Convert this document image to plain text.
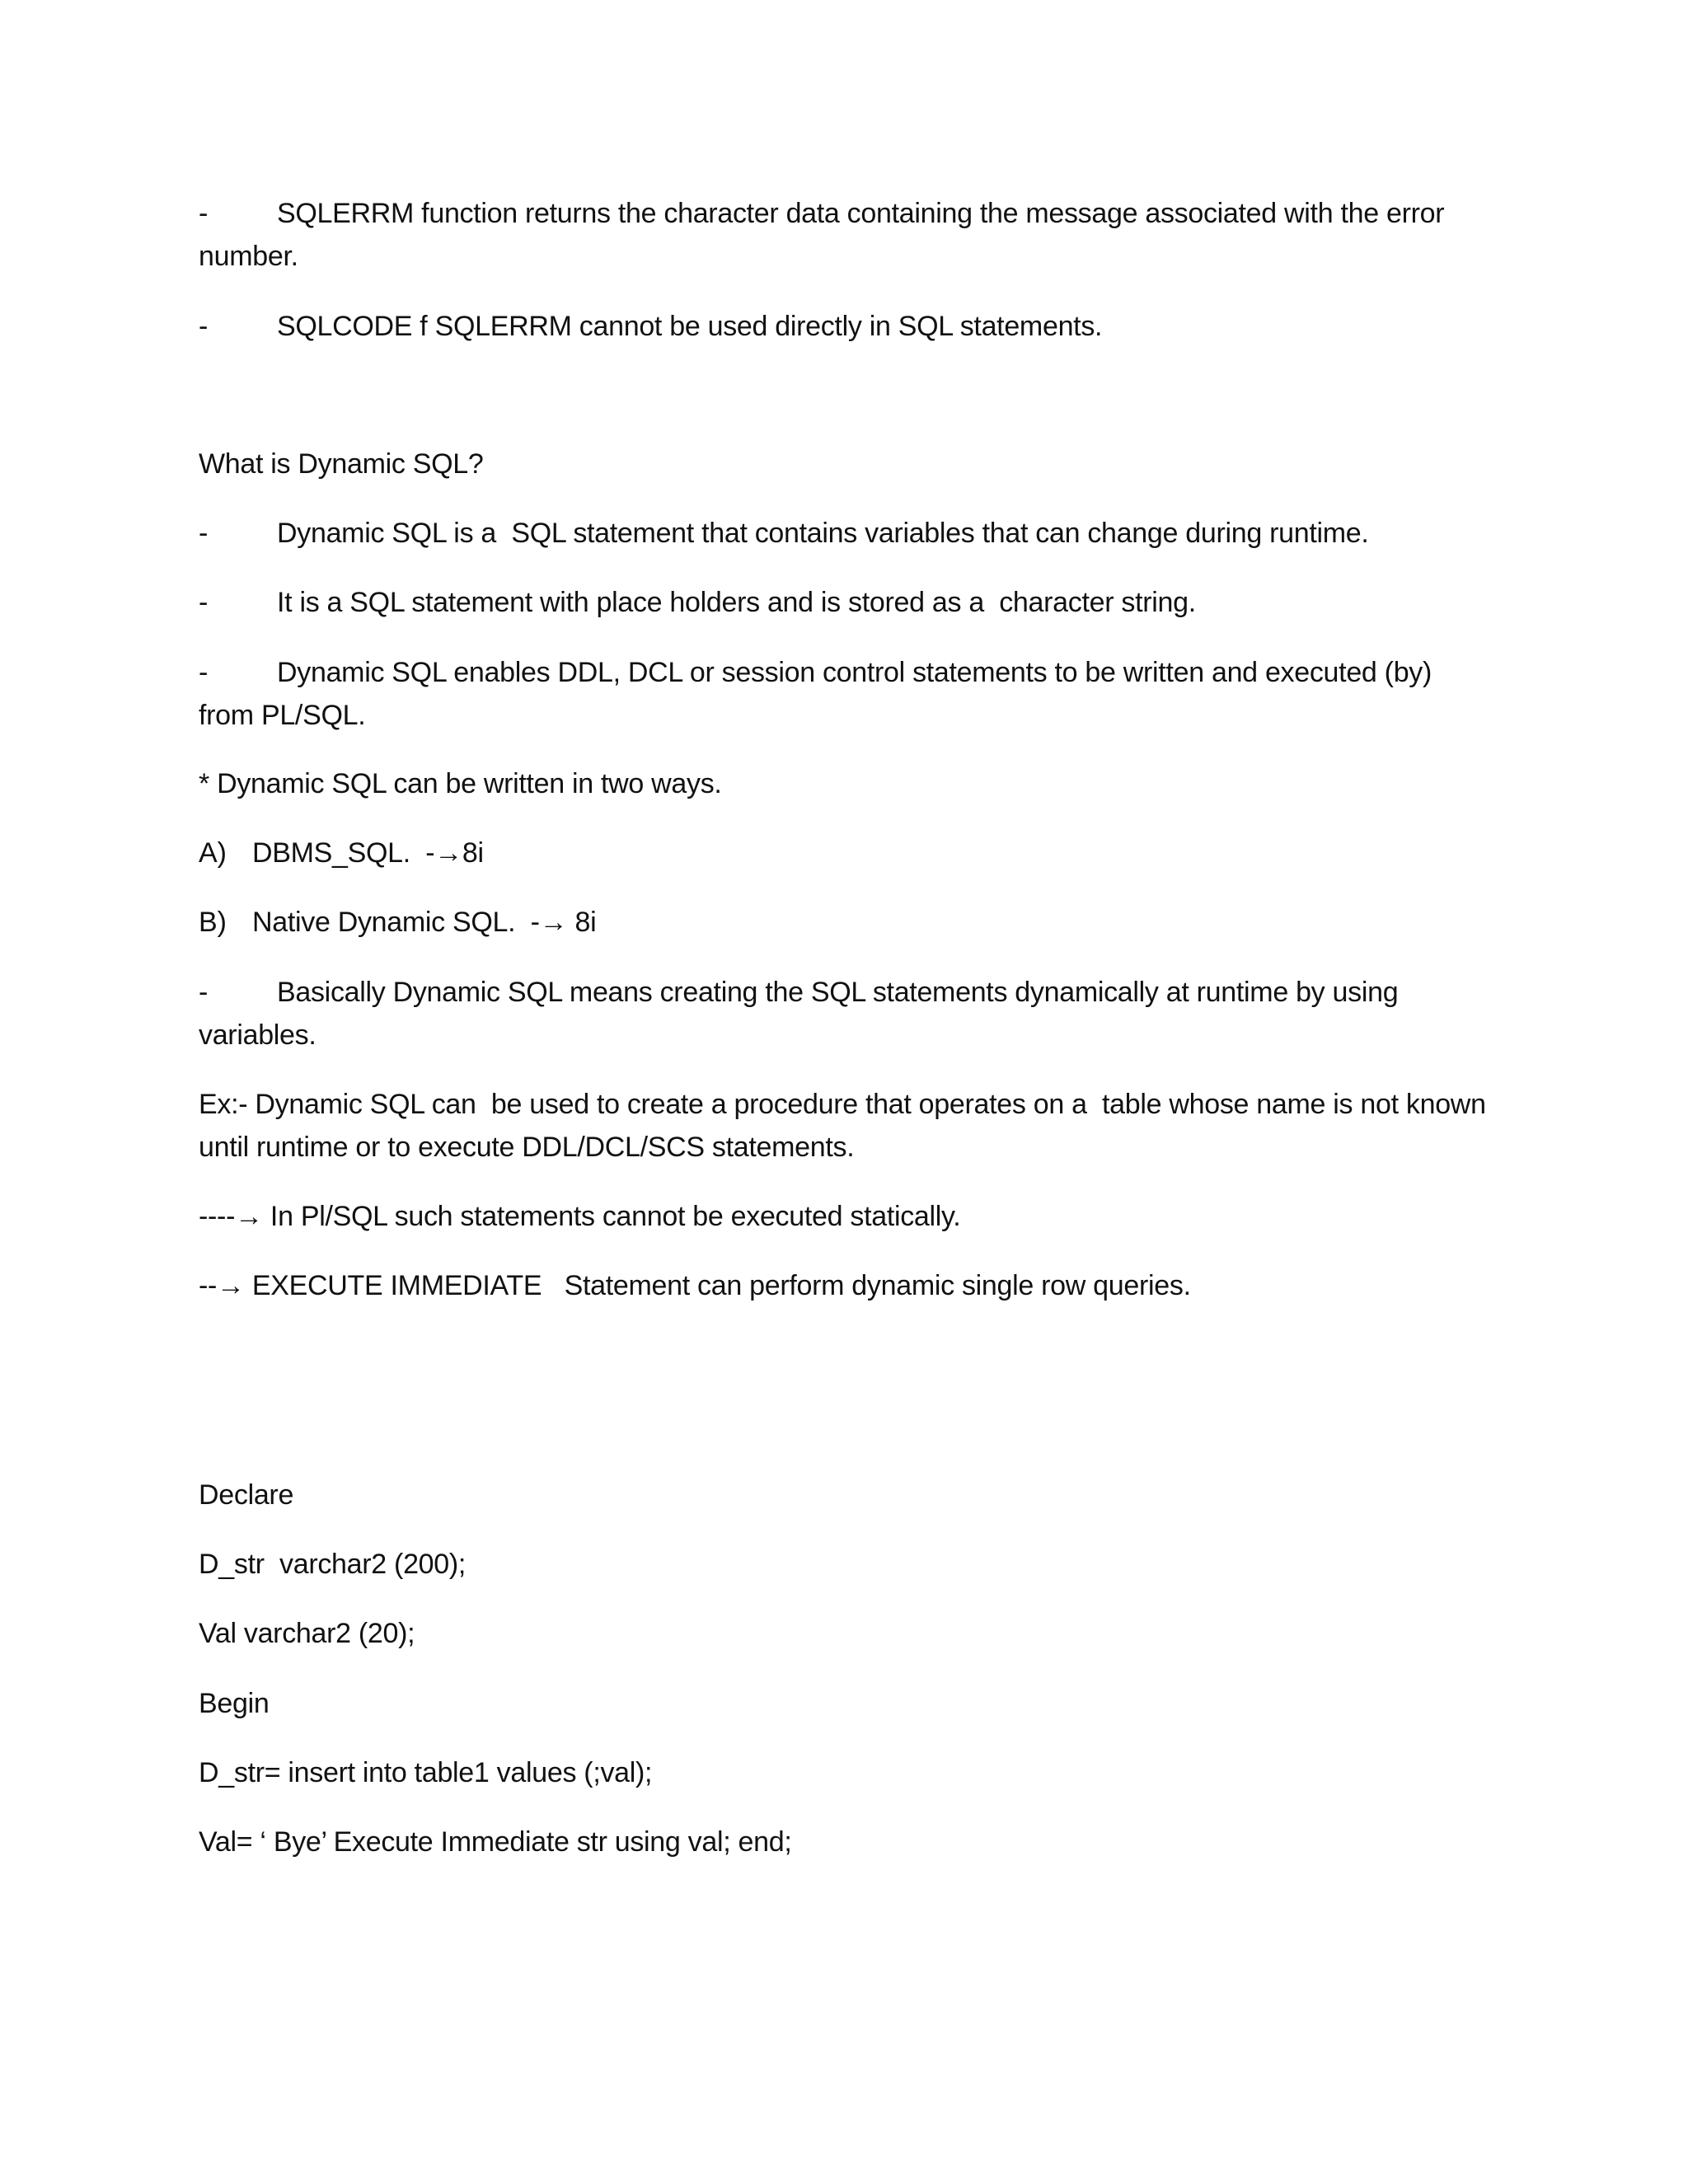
- SQLERRM function returns the character data containing the message associated with the error
number.
- SQLCODE f SQLERRM cannot be used directly in SQL statements.
What is Dynamic SQL?
- Dynamic SQL is a  SQL statement that contains variables that can change during runtime.
- It is a SQL statement with place holders and is stored as a  character string.
- Dynamic SQL enables DDL, DCL or session control statements to be written and executed (by)
from PL/SQL.
* Dynamic SQL can be written in two ways.
A) DBMS_SQL.  -→8i
B) Native Dynamic SQL.  -→ 8i
- Basically Dynamic SQL means creating the SQL statements dynamically at runtime by using
variables.
Ex:- Dynamic SQL can  be used to create a procedure that operates on a  table whose name is not known
until runtime or to execute DDL/DCL/SCS statements.
----→ In Pl/SQL such statements cannot be executed statically.
--→ EXECUTE IMMEDIATE   Statement can perform dynamic single row queries.
Declare
D_str  varchar2 (200);
Val varchar2 (20);
Begin
D_str= insert into table1 values (;val);
Val= ‘ Bye’ Execute Immediate str using val; end;
